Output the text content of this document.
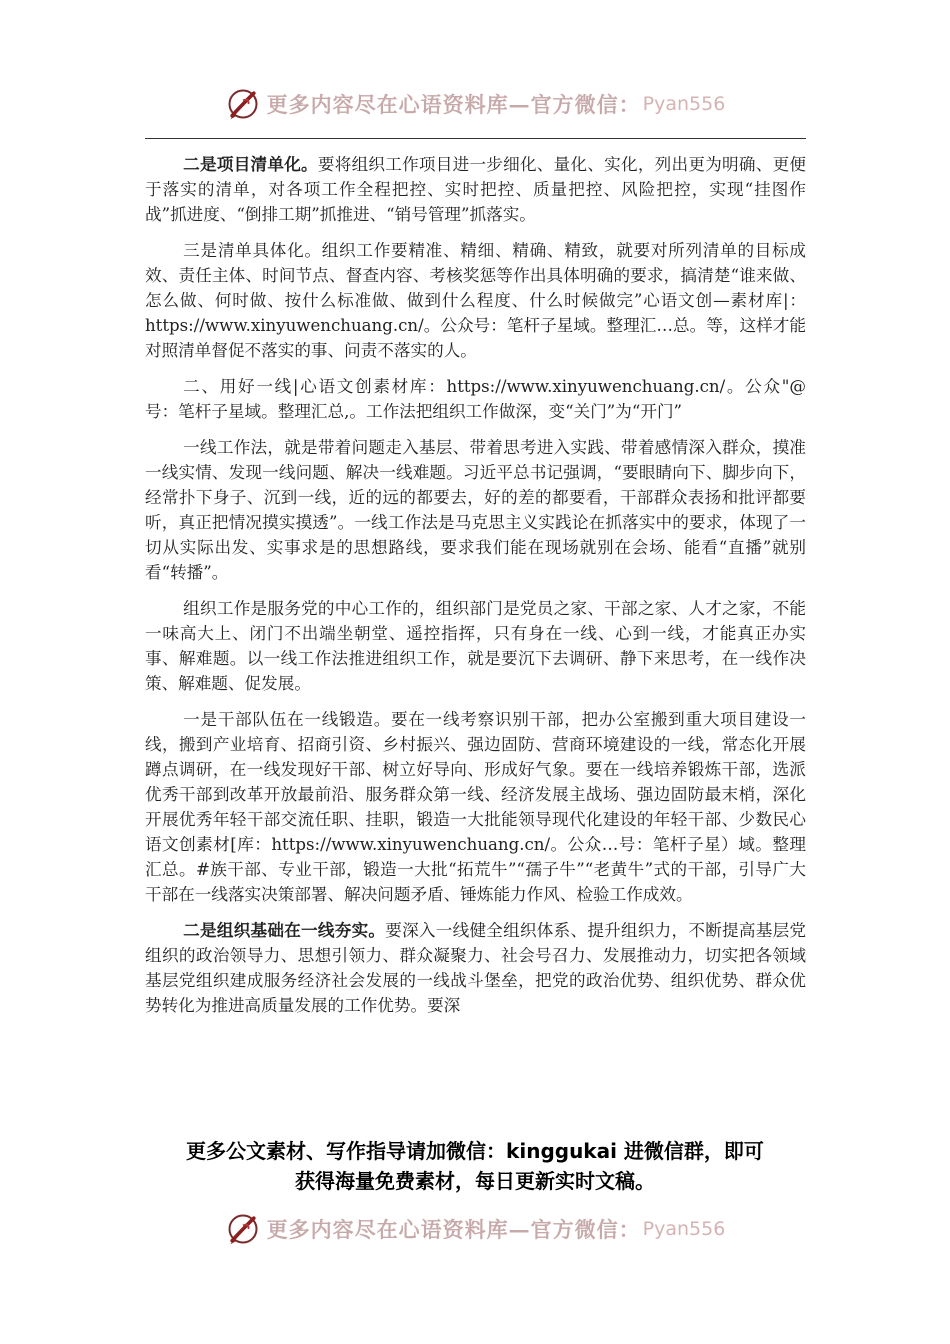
更多内容尽在心语资料库—官方微信： Pyan556

二是项目清单化。要将组织工作项目进一步细化、量化、实化，列出更为明确、更便于落实的清单，对各项工作全程把控、实时把控、质量把控、风险把控，实现“挂图作战”抓进度、“倒排工期”抓推进、“销号管理”抓落实。

三是清单具体化。组织工作要精准、精细、精确、精致，就要对所列清单的目标成效、责任主体、时间节点、督查内容、考核奖惩等作出具体明确的要求，搞清楚“谁来做、怎么做、何时做、按什么标准做、做到什么程度、什么时候做完”心语文创—素材库|：https://www.xinyuwenchuang.cn/。公众号：笔杆子星域。整理汇…总。等，这样才能对照清单督促不落实的事、问责不落实的人。

二、用好一线|心语文创素材库：https://www.xinyuwenchuang.cn/。公众"@号：笔杆子星域。整理汇总,。工作法把组织工作做深，变“关门”为“开门”

一线工作法，就是带着问题走入基层、带着思考进入实践、带着感情深入群众，摸准一线实情、发现一线问题、解决一线难题。习近平总书记强调，“要眼睛向下、脚步向下，经常扑下身子、沉到一线，近的远的都要去，好的差的都要看，干部群众表扬和批评都要听，真正把情况摸实摸透”。一线工作法是马克思主义实践论在抓落实中的要求，体现了一切从实际出发、实事求是的思想路线，要求我们能在现场就别在会场、能看“直播”就别看“转播”。

组织工作是服务党的中心工作的，组织部门是党员之家、干部之家、人才之家，不能一味高大上、闭门不出端坐朝堂、遥控指挥，只有身在一线、心到一线，才能真正办实事、解难题。以一线工作法推进组织工作，就是要沉下去调研、静下来思考，在一线作决策、解难题、促发展。

一是干部队伍在一线锻造。要在一线考察识别干部，把办公室搬到重大项目建设一线，搬到产业培育、招商引资、乡村振兴、强边固防、营商环境建设的一线，常态化开展蹲点调研，在一线发现好干部、树立好导向、形成好气象。要在一线培养锻炼干部，选派优秀干部到改革开放最前沿、服务群众第一线、经济发展主战场、强边固防最末梢，深化开展优秀年轻干部交流任职、挂职，锻造一大批能领导现代化建设的年轻干部、少数民心语文创素材[库：https://www.xinyuwenchuang.cn/。公众…号：笔杆子星）域。整理汇总。#族干部、专业干部，锻造一大批“拓荒牛”“孺子牛”“老黄牛”式的干部，引导广大干部在一线落实决策部署、解决问题矛盾、锤炼能力作风、检验工作成效。

二是组织基础在一线夯实。要深入一线健全组织体系、提升组织力，不断提高基层党组织的政治领导力、思想引领力、群众凝聚力、社会号召力、发展推动力，切实把各领域基层党组织建成服务经济社会发展的一线战斗堡垒，把党的政治优势、组织优势、群众优势转化为推进高质量发展的工作优势。要深

更多公文素材、写作指导请加微信：kinggukai 进微信群，即可
获得海量免费素材，每日更新实时文稿。
更多内容尽在心语资料库—官方微信： Pyan556
